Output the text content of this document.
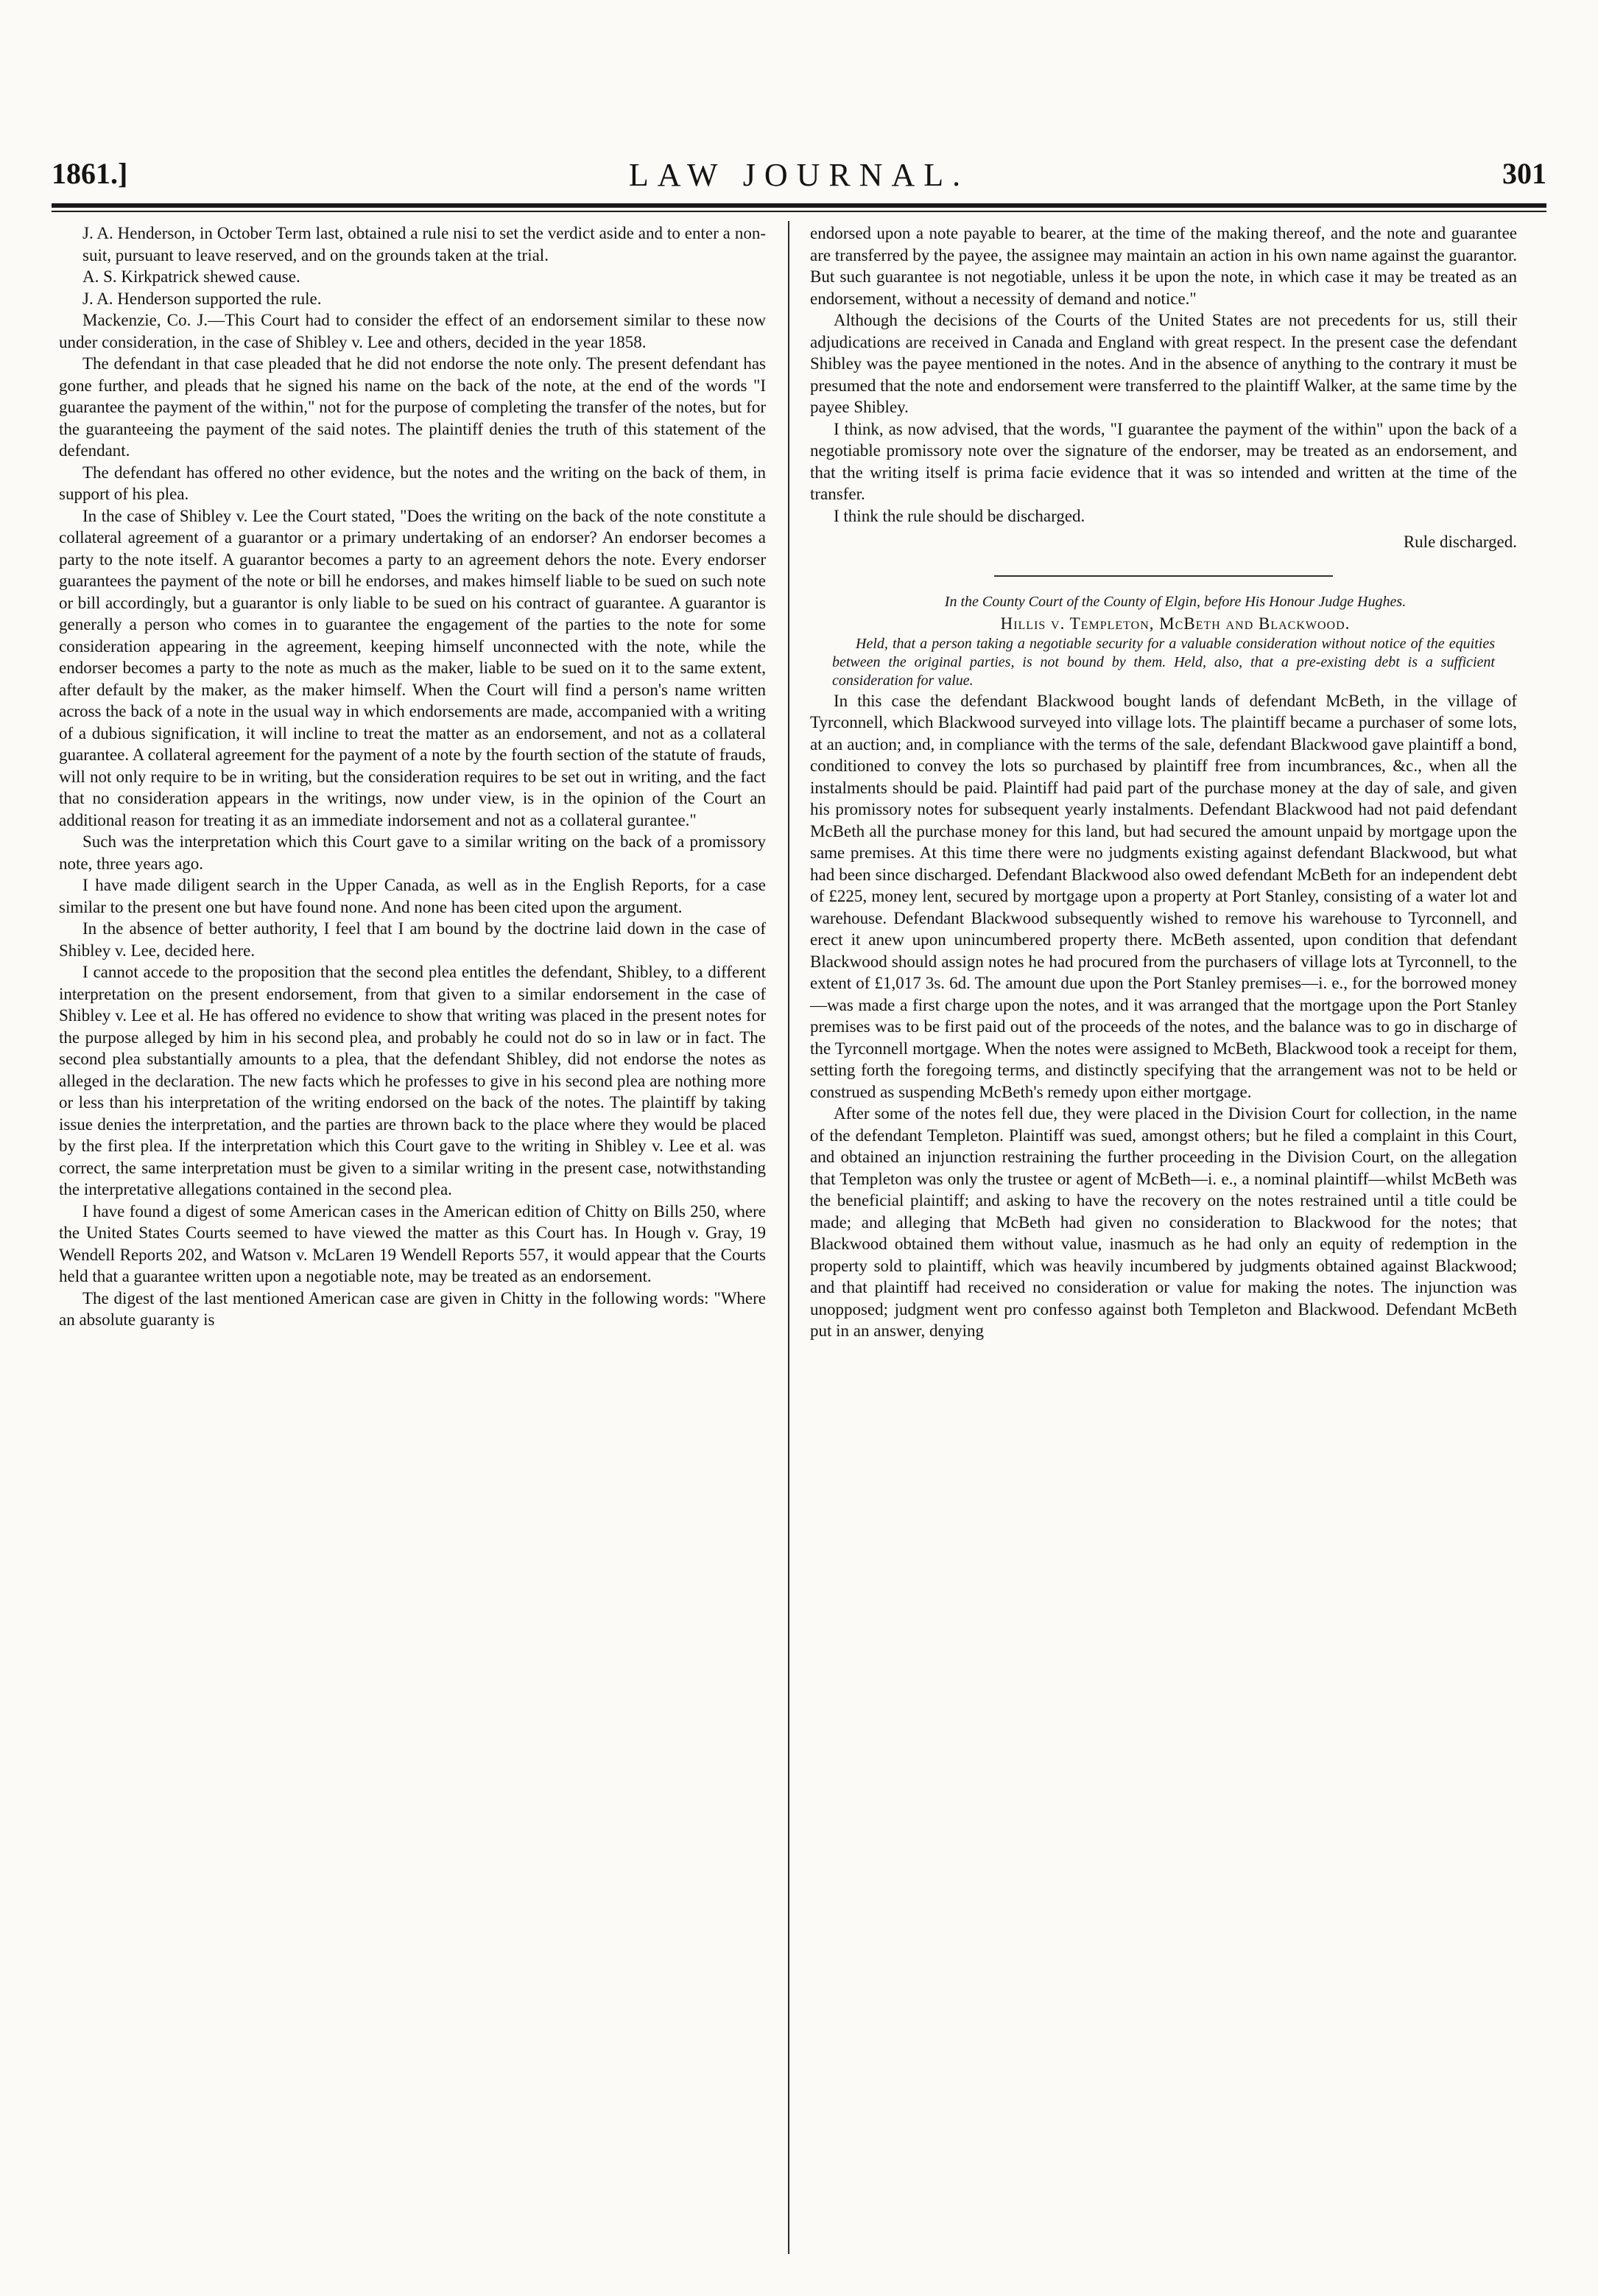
1861.]	LAW JOURNAL.	301

J. A. Henderson, in October Term last, obtained a rule nisi to set the verdict aside and to enter a non-suit, pursuant to leave reserved, and on the grounds taken at the trial.

A. S. Kirkpatrick shewed cause.

J. A. Henderson supported the rule.

Mackenzie, Co. J.—This Court had to consider the effect of an endorsement similar to these now under consideration, in the case of Shibley v. Lee and others, decided in the year 1858.

The defendant in that case pleaded that he did not endorse the note only. The present defendant has gone further, and pleads that he signed his name on the back of the note, at the end of the words "I guarantee the payment of the within," not for the purpose of completing the transfer of the notes, but for the guaranteeing the payment of the said notes. The plaintiff denies the truth of this statement of the defendant.

The defendant has offered no other evidence, but the notes and the writing on the back of them, in support of his plea.

In the case of Shibley v. Lee the Court stated, "Does the writing on the back of the note constitute a collateral agreement of a guarantor or a primary undertaking of an endorser? An endorser becomes a party to the note itself. A guarantor becomes a party to an agreement dehors the note. Every endorser guarantees the payment of the note or bill he endorses, and makes himself liable to be sued on such note or bill accordingly, but a guarantor is only liable to be sued on his contract of guarantee. A guarantor is generally a person who comes in to guarantee the engagement of the parties to the note for some consideration appearing in the agreement, keeping himself unconnected with the note, while the endorser becomes a party to the note as much as the maker, liable to be sued on it to the same extent, after default by the maker, as the maker himself. When the Court will find a person's name written across the back of a note in the usual way in which endorsements are made, accompanied with a writing of a dubious signification, it will incline to treat the matter as an endorsement, and not as a collateral guarantee. A collateral agreement for the payment of a note by the fourth section of the statute of frauds, will not only require to be in writing, but the consideration requires to be set out in writing, and the fact that no consideration appears in the writings, now under view, is in the opinion of the Court an additional reason for treating it as an immediate indorsement and not as a collateral gurantee."

Such was the interpretation which this Court gave to a similar writing on the back of a promissory note, three years ago.

I have made diligent search in the Upper Canada, as well as in the English Reports, for a case similar to the present one but have found none. And none has been cited upon the argument.

In the absence of better authority, I feel that I am bound by the doctrine laid down in the case of Shibley v. Lee, decided here.

I cannot accede to the proposition that the second plea entitles the defendant, Shibley, to a different interpretation on the present endorsement, from that given to a similar endorsement in the case of Shibley v. Lee et al. He has offered no evidence to show that writing was placed in the present notes for the purpose alleged by him in his second plea, and probably he could not do so in law or in fact. The second plea substantially amounts to a plea, that the defendant Shibley, did not endorse the notes as alleged in the declaration. The new facts which he professes to give in his second plea are nothing more or less than his interpretation of the writing endorsed on the back of the notes. The plaintiff by taking issue denies the interpretation, and the parties are thrown back to the place where they would be placed by the first plea. If the interpretation which this Court gave to the writing in Shibley v. Lee et al. was correct, the same interpretation must be given to a similar writing in the present case, notwithstanding the interpretative allegations contained in the second plea.

I have found a digest of some American cases in the American edition of Chitty on Bills 250, where the United States Courts seemed to have viewed the matter as this Court has. In Hough v. Gray, 19 Wendell Reports 202, and Watson v. McLaren 19 Wendell Reports 557, it would appear that the Courts held that a guarantee written upon a negotiable note, may be treated as an endorsement.

The digest of the last mentioned American case are given in Chitty in the following words: "Where an absolute guaranty is

endorsed upon a note payable to bearer, at the time of the making thereof, and the note and guarantee are transferred by the payee, the assignee may maintain an action in his own name against the guarantor. But such guarantee is not negotiable, unless it be upon the note, in which case it may be treated as an endorsement, without a necessity of demand and notice."

Although the decisions of the Courts of the United States are not precedents for us, still their adjudications are received in Canada and England with great respect. In the present case the defendant Shibley was the payee mentioned in the notes. And in the absence of anything to the contrary it must be presumed that the note and endorsement were transferred to the plaintiff Walker, at the same time by the payee Shibley.

I think, as now advised, that the words, "I guarantee the payment of the within" upon the back of a negotiable promissory note over the signature of the endorser, may be treated as an endorsement, and that the writing itself is prima facie evidence that it was so intended and written at the time of the transfer.

I think the rule should be discharged.

Rule discharged.

In the County Court of the County of Elgin, before His Honour Judge Hughes.

Hillis v. Templeton, McBeth and Blackwood.

Held, that a person taking a negotiable security for a valuable consideration without notice of the equities between the original parties, is not bound by them. Held, also, that a pre-existing debt is a sufficient consideration for value.

In this case the defendant Blackwood bought lands of defendant McBeth, in the village of Tyrconnell, which Blackwood surveyed into village lots. The plaintiff became a purchaser of some lots, at an auction; and, in compliance with the terms of the sale, defendant Blackwood gave plaintiff a bond, conditioned to convey the lots so purchased by plaintiff free from incumbrances, &c., when all the instalments should be paid. Plaintiff had paid part of the purchase money at the day of sale, and given his promissory notes for subsequent yearly instalments. Defendant Blackwood had not paid defendant McBeth all the purchase money for this land, but had secured the amount unpaid by mortgage upon the same premises. At this time there were no judgments existing against defendant Blackwood, but what had been since discharged. Defendant Blackwood also owed defendant McBeth for an independent debt of £225, money lent, secured by mortgage upon a property at Port Stanley, consisting of a water lot and warehouse. Defendant Blackwood subsequently wished to remove his warehouse to Tyrconnell, and erect it anew upon unincumbered property there. McBeth assented, upon condition that defendant Blackwood should assign notes he had procured from the purchasers of village lots at Tyrconnell, to the extent of £1,017 3s. 6d. The amount due upon the Port Stanley premises—i. e., for the borrowed money—was made a first charge upon the notes, and it was arranged that the mortgage upon the Port Stanley premises was to be first paid out of the proceeds of the notes, and the balance was to go in discharge of the Tyrconnell mortgage. When the notes were assigned to McBeth, Blackwood took a receipt for them, setting forth the foregoing terms, and distinctly specifying that the arrangement was not to be held or construed as suspending McBeth's remedy upon either mortgage.

After some of the notes fell due, they were placed in the Division Court for collection, in the name of the defendant Templeton. Plaintiff was sued, amongst others; but he filed a complaint in this Court, and obtained an injunction restraining the further proceeding in the Division Court, on the allegation that Templeton was only the trustee or agent of McBeth—i. e., a nominal plaintiff—whilst McBeth was the beneficial plaintiff; and asking to have the recovery on the notes restrained until a title could be made; and alleging that McBeth had given no consideration to Blackwood for the notes; that Blackwood obtained them without value, inasmuch as he had only an equity of redemption in the property sold to plaintiff, which was heavily incumbered by judgments obtained against Blackwood; and that plaintiff had received no consideration or value for making the notes. The injunction was unopposed; judgment went pro confesso against both Templeton and Blackwood. Defendant McBeth put in an answer, denying
